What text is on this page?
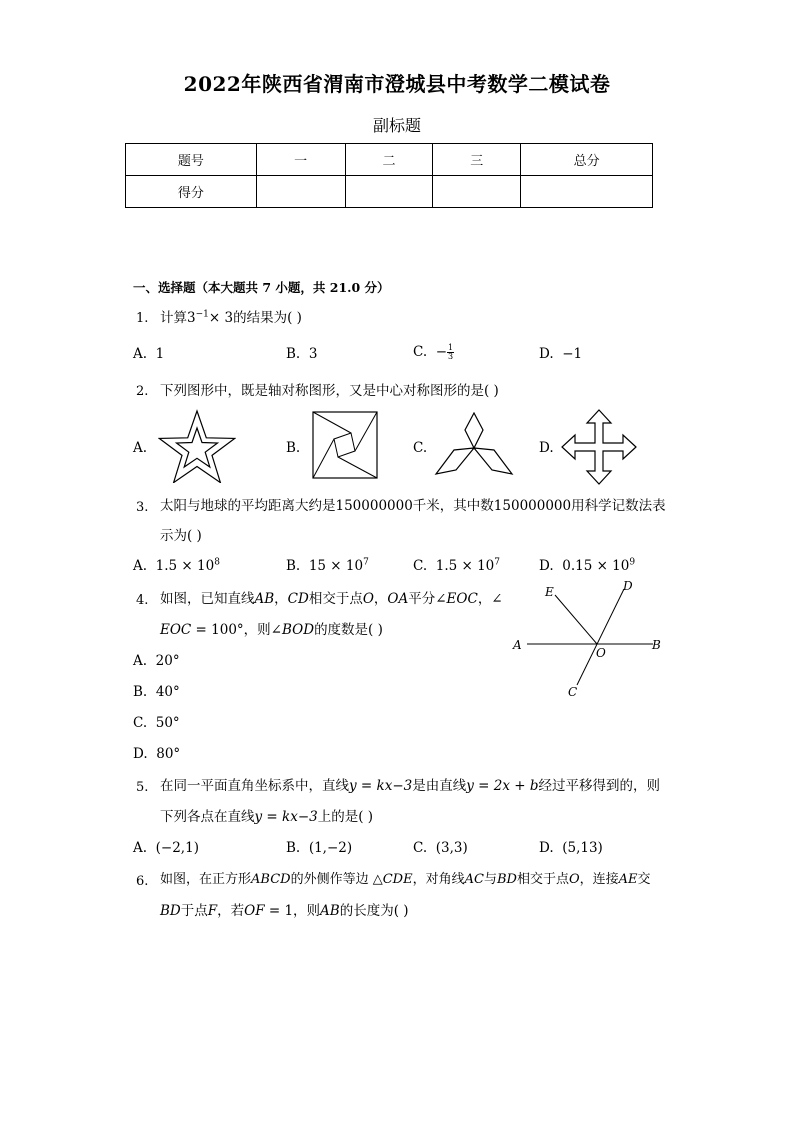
2022年陕西省渭南市澄城县中考数学二模试卷
副标题
题号	一	二	三	总分
得分				
一、选择题（本大题共 7 小题，共 21.0 分）
1. 计算$3^{-1}\times 3$的结果为( )
A. 1	B. 3	C. − $\frac{1}{3}$	D. −1
2. 下列图形中，既是轴对称图形，又是中心对称图形的是( )
A.	B.	C.	D.
3. 太阳与地球的平均距离大约是150000000千米，其中数150000000用科学记数法表
示为( )
A. $1.5 \times 10^8$	B. $15 \times 10^7$	C. $1.5 \times 10^7$	D. $0.15 \times 10^9$
4. 如图，已知直线AB，CD相交于点O，OA平分∠EOC，∠
EOC = 100°，则∠BOD的度数是( )
A. 20°
B. 40°
C. 50°
D. 80°
E	D
A	B
O
C
5. 在同一平面直角坐标系中，直线y = kx−3是由直线y = 2x + b经过平移得到的，则
下列各点在直线y = kx−3上的是( )
A. (−2,1)	B. (1,−2)	C. (3,3)	D. (5,13)
6. 如图，在正方形ABCD的外侧作等边 △CDE，对角线AC与BD相交于点O，连接AE交
BD于点F，若OF = 1，则AB的长度为( )
